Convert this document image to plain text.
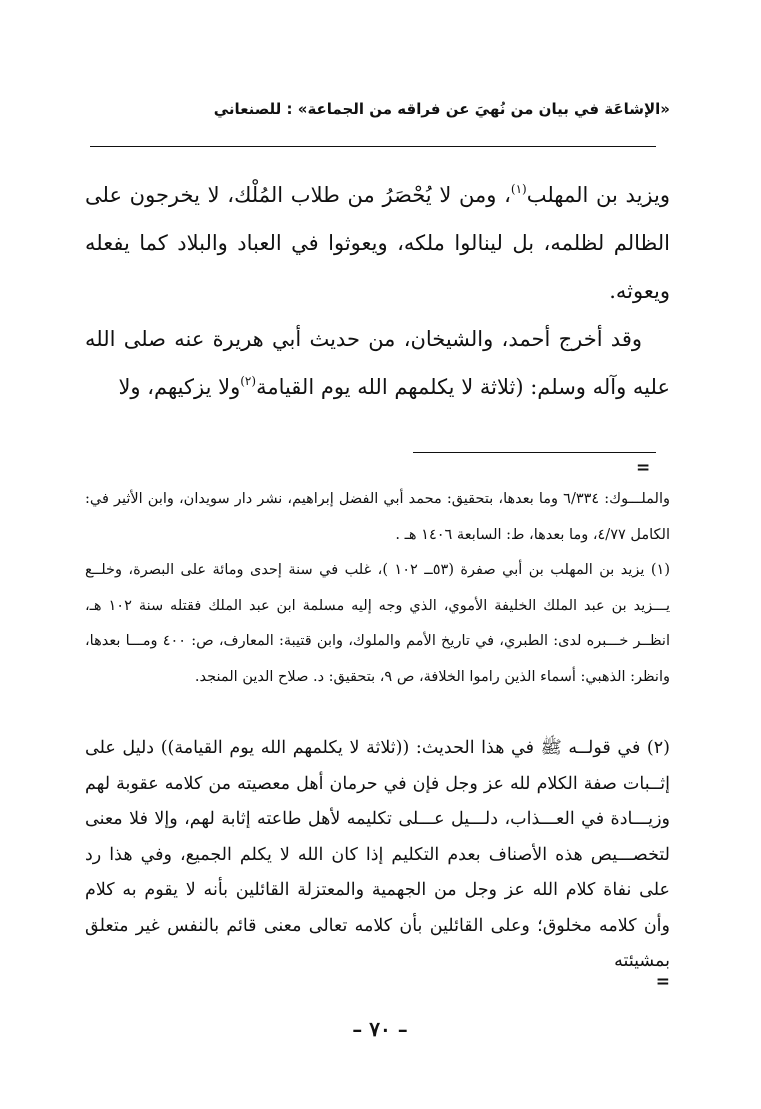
«الإشاعَة في بيان من نُهيَ عن فراقه من الجماعة» : للصنعاني

ويزيد بن المهلب$^{(١)}$، ومن لا يُحْصَرُ من طلاب المُلْك، لا يخرجون على الظالم لظلمه، بل لينالوا ملكه، ويعوثوا في العباد والبلاد كما يفعله ويعوثه.

وقد أخرج أحمد، والشيخان، من حديث أبي هريرة عنه صلى الله عليه وآله وسلم: (ثلاثة لا يكلمهم الله يوم القيامة$^{(٢)}$ولا يزكيهم، ولا

=

والملـــوك: ٦/٣٣٤ وما بعدها، بتحقيق: محمد أبي الفضل إبراهيم، نشر دار سويدان، وابن الأثير في: الكامل ٤/٧٧، وما بعدها، ط: السابعة ١٤٠٦ هـ .

(١) يزيد بن المهلب بن أبي صفرة (٥٣ــ ١٠٢ )، غلب في سنة إحدى ومائة على البصرة، وخلــع يـــزيد بن عبد الملك الخليفة الأموي، الذي وجه إليه مسلمة ابن عبد الملك فقتله سنة ١٠٢ هـ، انظــر خـــبره لدى: الطبري، في تاريخ الأمم والملوك، وابن قتيبة: المعارف، ص: ٤٠٠ ومـــا بعدها، وانظر: الذهبي: أسماء الذين راموا الخلافة، ص ٩، بتحقيق: د. صلاح الدين المنجد.

(٢) في قولــه ﷺ في هذا الحديث: ((ثلاثة لا يكلمهم الله يوم القيامة)) دليل على إثــبات صفة الكلام لله عز وجل فإن في حرمان أهل معصيته من كلامه عقوبة لهم وزيـــادة في العـــذاب، دلـــيل عـــلى تكليمه لأهل طاعته إثابة لهم، وإلا فلا معنى لتخصـــيص هذه الأصناف بعدم التكليم إذا كان الله لا يكلم الجميع، وفي هذا رد على نفاة كلام الله عز وجل من الجهمية والمعتزلة القائلين بأنه لا يقوم به كلام وأن كلامه مخلوق؛ وعلى القائلين بأن كلامه تعالى معنى قائم بالنفس غير متعلق بمشيئته

=
– ٧٠ –
